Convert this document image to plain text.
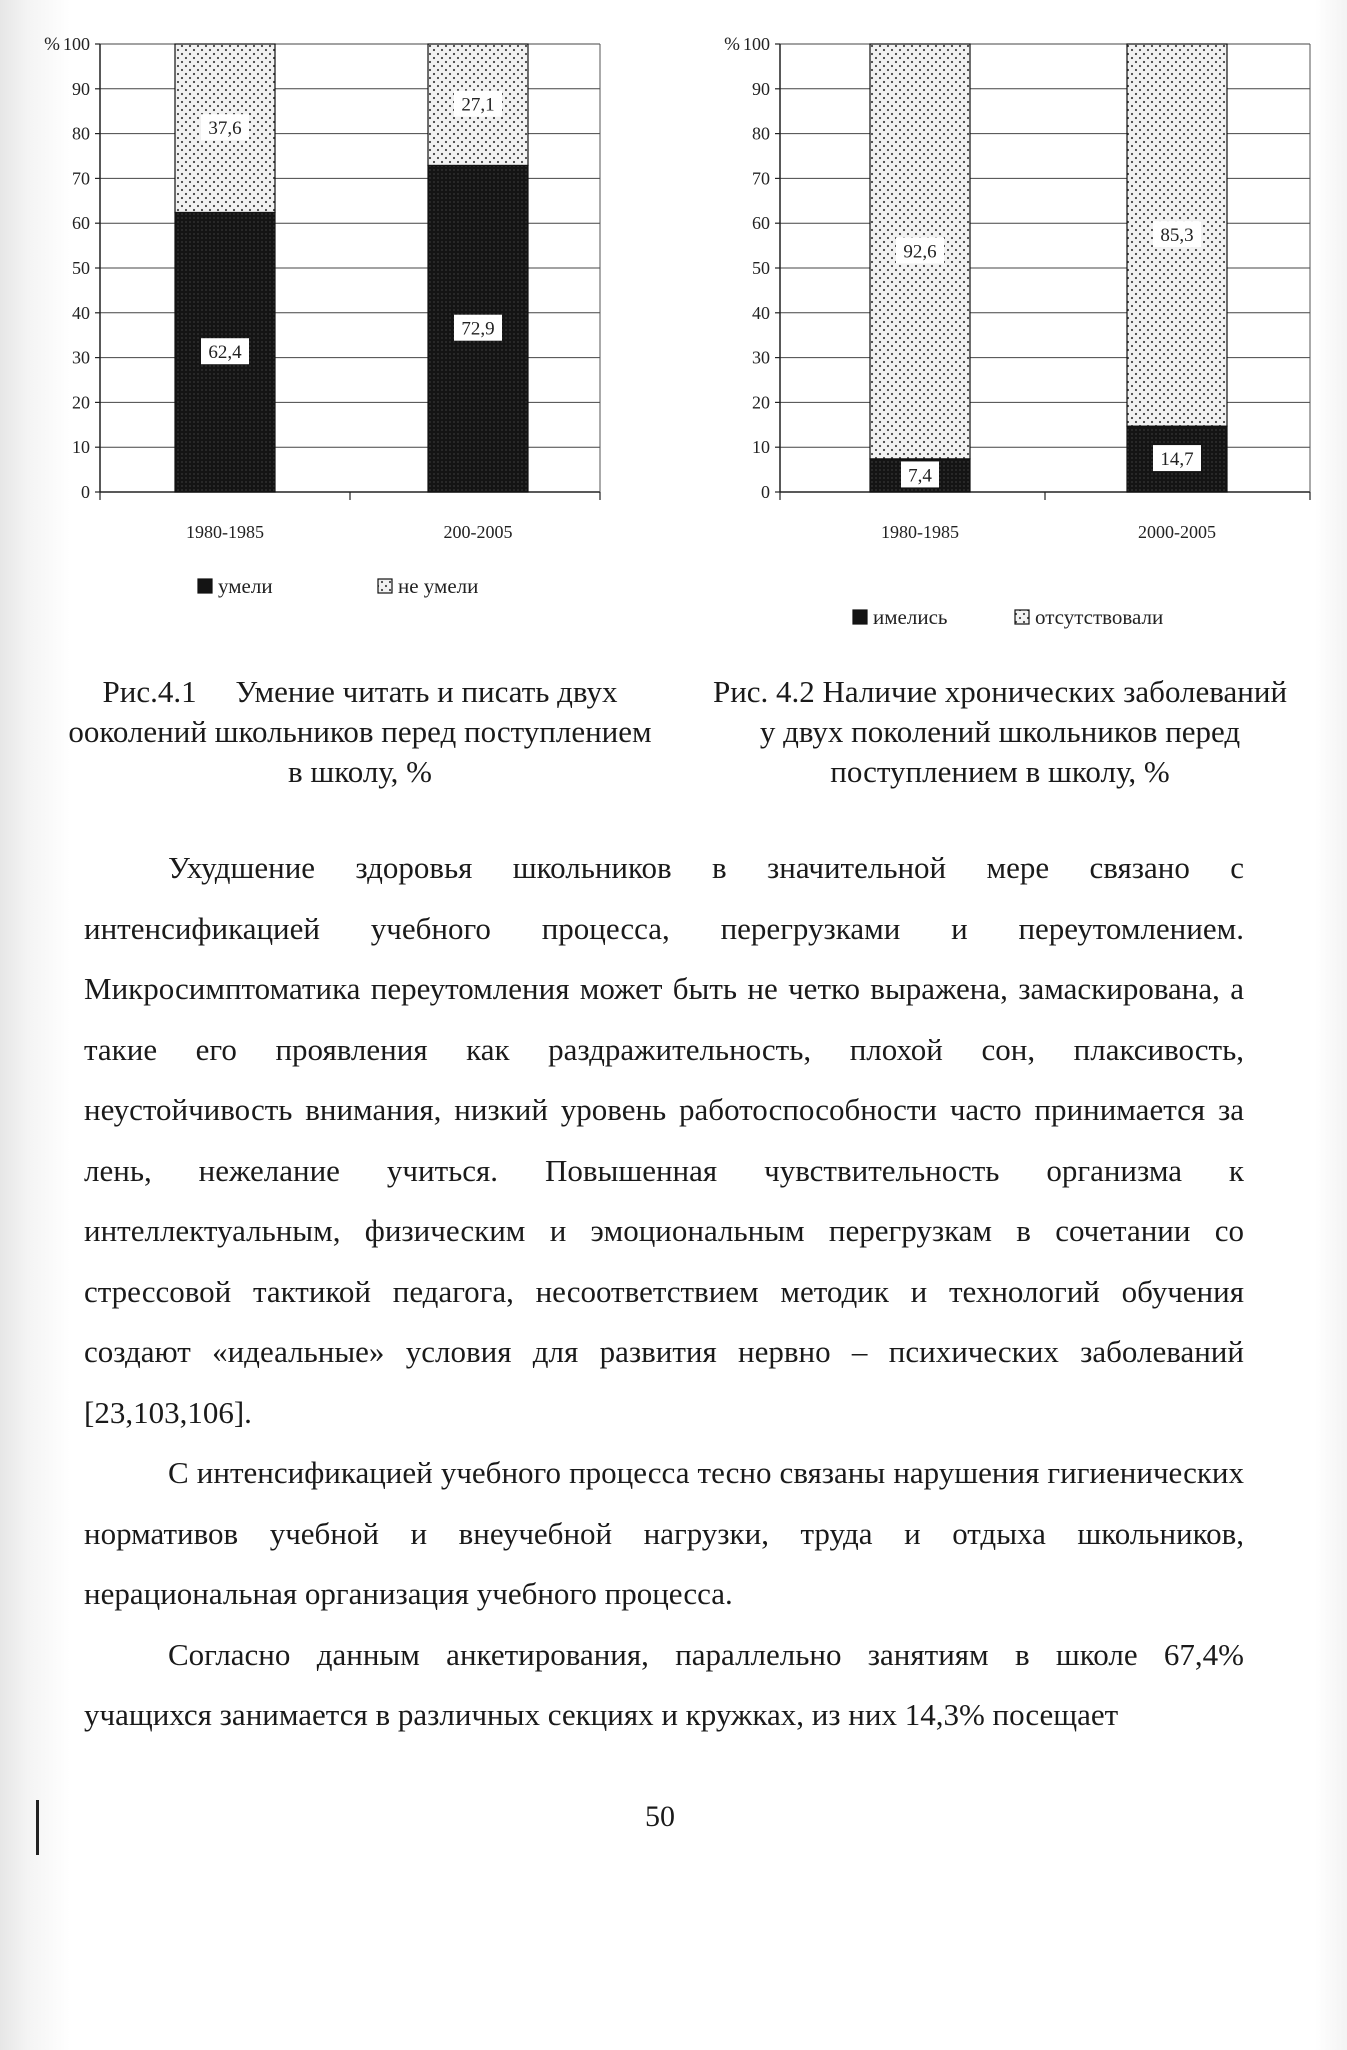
0
10
20
30
40
50
60
70
80
90
100
%
62,4
37,6
1980-1985
72,9
27,1
200-2005
умели	не умели
0
10
20
30
40
50
60
70
80
90
100
%
7,4
92,6
1980-1985
14,7
85,3
2000-2005
имелись	отсутствовали
Рис.4.1     Умение читать и писать двух
ооколений школьников перед поступлением
в школу, %
Рис. 4.2 Наличие хронических заболеваний
у двух поколений школьников перед
поступлением в школу, %

Ухудшение здоровья школьников в значительной мере связано с интенсификацией учебного процесса, перегрузками и переутомлением. Микросимптоматика переутомления может быть не четко выражена, замаскирована, а такие его проявления как раздражительность, плохой сон, плаксивость, неустойчивость внимания, низкий уровень работоспособности часто принимается за лень, нежелание учиться. Повышенная чувствительность организма к интеллектуальным, физическим и эмоциональным перегрузкам в сочетании со стрессовой тактикой педагога, несоответствием методик и технологий обучения создают «идеальные» условия для развития нервно – психических заболеваний [23,103,106].

С интенсификацией учебного процесса тесно связаны нарушения гигиенических нормативов учебной и внеучебной нагрузки, труда и отдыха школьников, нерациональная организация учебного процесса.

Согласно данным анкетирования, параллельно занятиям в школе 67,4% учащихся занимается в различных секциях и кружках, из них 14,3% посещает

50
